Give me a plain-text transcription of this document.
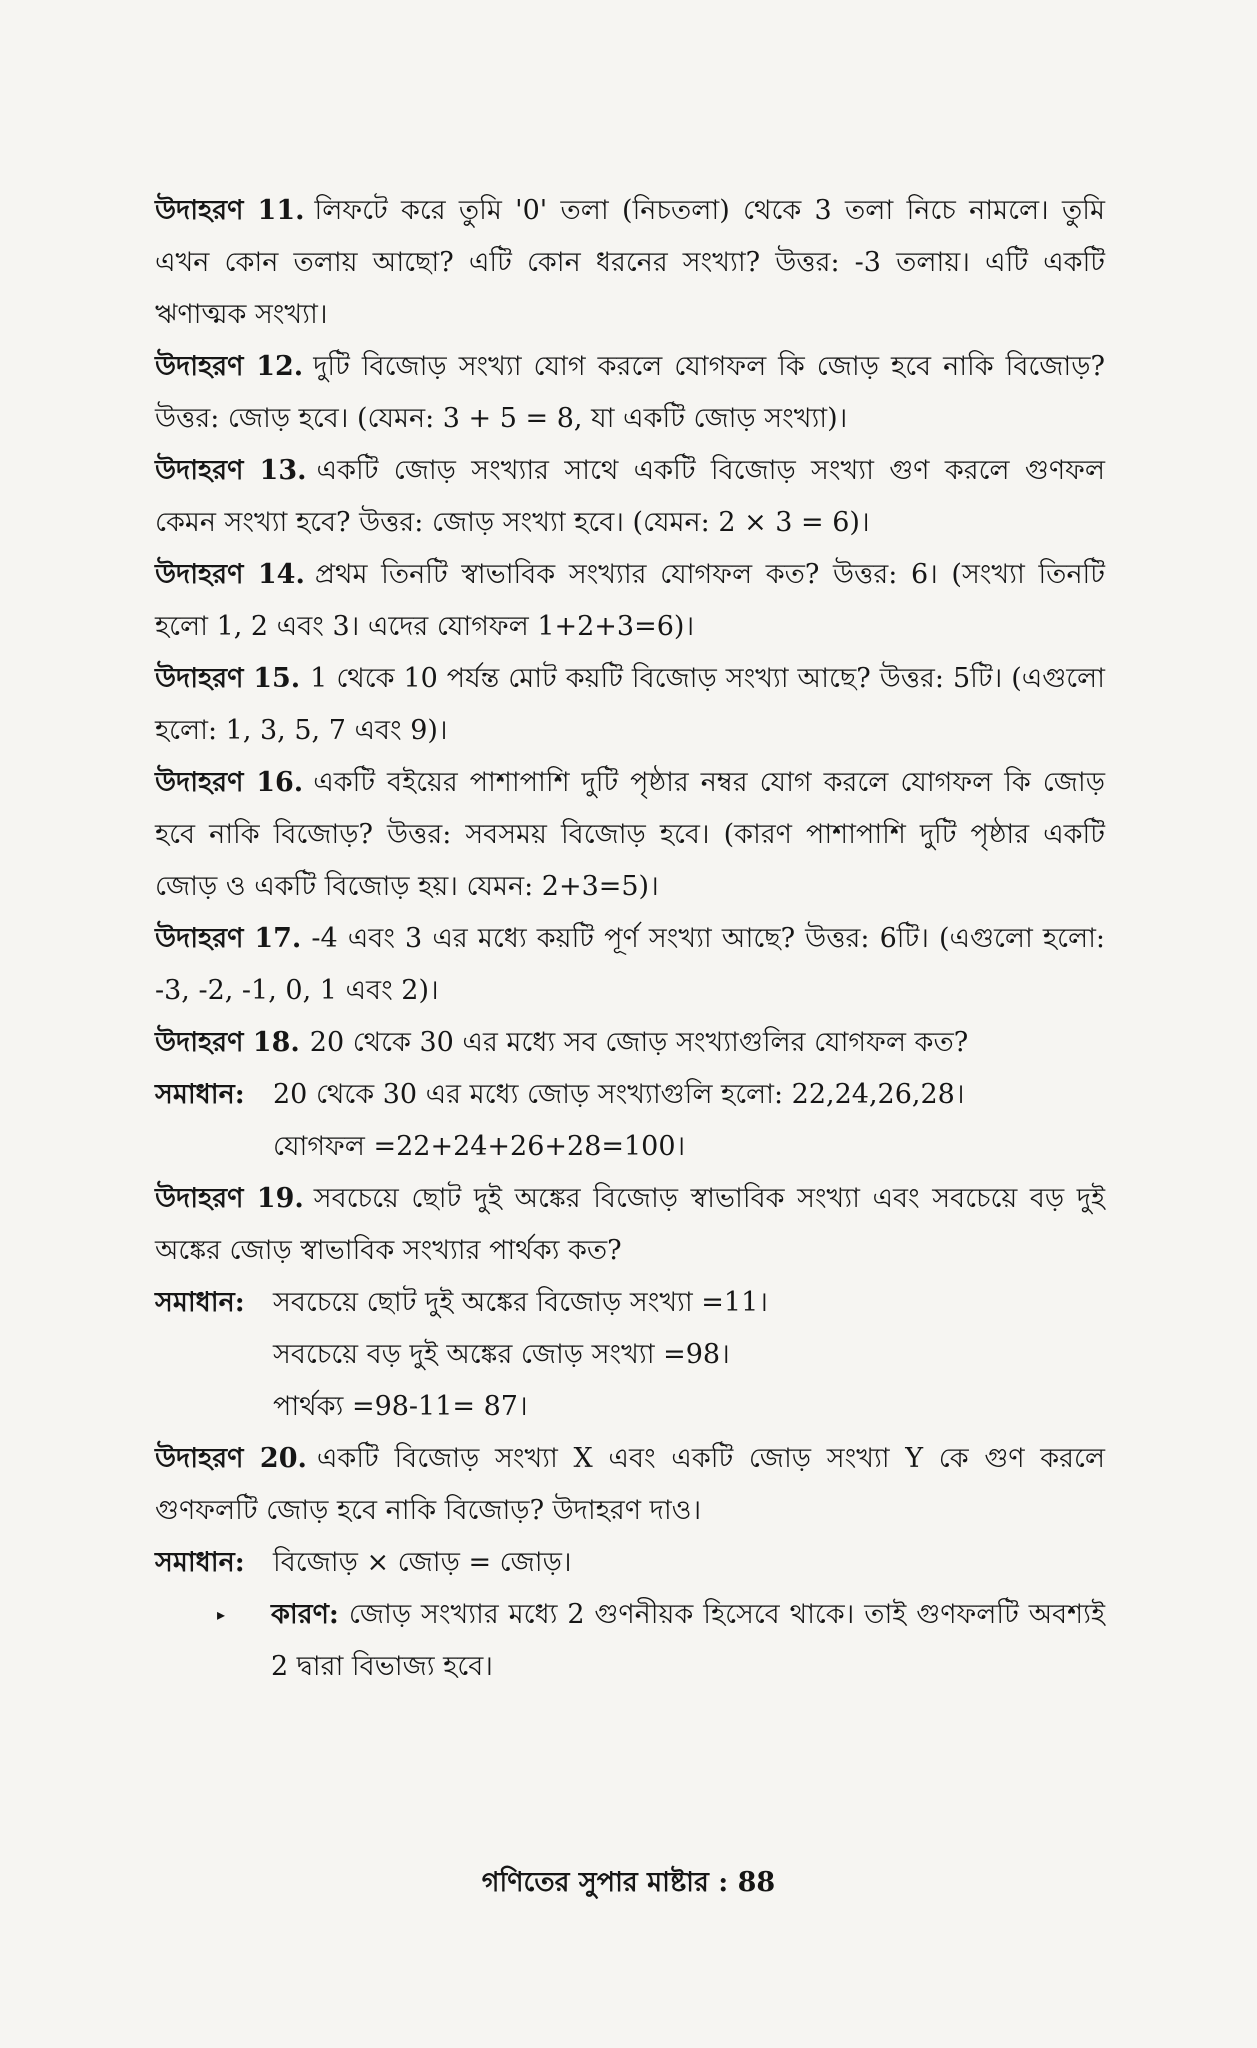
উদাহরণ 11. লিফটে করে তুমি '0' তলা (নিচতলা) থেকে 3 তলা নিচে নামলে। তুমি এখন কোন তলায় আছো? এটি কোন ধরনের সংখ্যা? উত্তর: -3 তলায়। এটি একটি ঋণাত্মক সংখ্যা।

উদাহরণ 12. দুটি বিজোড় সংখ্যা যোগ করলে যোগফল কি জোড় হবে নাকি বিজোড়? উত্তর: জোড় হবে। (যেমন: 3 + 5 = 8, যা একটি জোড় সংখ্যা)।

উদাহরণ 13. একটি জোড় সংখ্যার সাথে একটি বিজোড় সংখ্যা গুণ করলে গুণফল কেমন সংখ্যা হবে? উত্তর: জোড় সংখ্যা হবে। (যেমন: 2 × 3 = 6)।

উদাহরণ 14. প্রথম তিনটি স্বাভাবিক সংখ্যার যোগফল কত? উত্তর: 6। (সংখ্যা তিনটি হলো 1, 2 এবং 3। এদের যোগফল 1+2+3=6)।

উদাহরণ 15. 1 থেকে 10 পর্যন্ত মোট কয়টি বিজোড় সংখ্যা আছে? উত্তর: 5টি। (এগুলো হলো: 1, 3, 5, 7 এবং 9)।

উদাহরণ 16. একটি বইয়ের পাশাপাশি দুটি পৃষ্ঠার নম্বর যোগ করলে যোগফল কি জোড় হবে নাকি বিজোড়? উত্তর: সবসময় বিজোড় হবে। (কারণ পাশাপাশি দুটি পৃষ্ঠার একটি জোড় ও একটি বিজোড় হয়। যেমন: 2+3=5)।

উদাহরণ 17. -4 এবং 3 এর মধ্যে কয়টি পূর্ণ সংখ্যা আছে? উত্তর: 6টি। (এগুলো হলো: -3, -2, -1, 0, 1 এবং 2)।

উদাহরণ 18. 20 থেকে 30 এর মধ্যে সব জোড় সংখ্যাগুলির যোগফল কত?

সমাধান:	20 থেকে 30 এর মধ্যে জোড় সংখ্যাগুলি হলো: 22,24,26,28।
যোগফল =22+24+26+28=100।

উদাহরণ 19. সবচেয়ে ছোট দুই অঙ্কের বিজোড় স্বাভাবিক সংখ্যা এবং সবচেয়ে বড় দুই অঙ্কের জোড় স্বাভাবিক সংখ্যার পার্থক্য কত?

সমাধান:	সবচেয়ে ছোট দুই অঙ্কের বিজোড় সংখ্যা =11।
সবচেয়ে বড় দুই অঙ্কের জোড় সংখ্যা =98।
পার্থক্য =98-11= 87।

উদাহরণ 20. একটি বিজোড় সংখ্যা X এবং একটি জোড় সংখ্যা Y কে গুণ করলে গুণফলটি জোড় হবে নাকি বিজোড়? উদাহরণ দাও।

সমাধান:	বিজোড় × জোড় = জোড়।
▸	কারণ: জোড় সংখ্যার মধ্যে 2 গুণনীয়ক হিসেবে থাকে। তাই গুণফলটি অবশ্যই 2 দ্বারা বিভাজ্য হবে।
গণিতের সুপার মাষ্টার : 88
